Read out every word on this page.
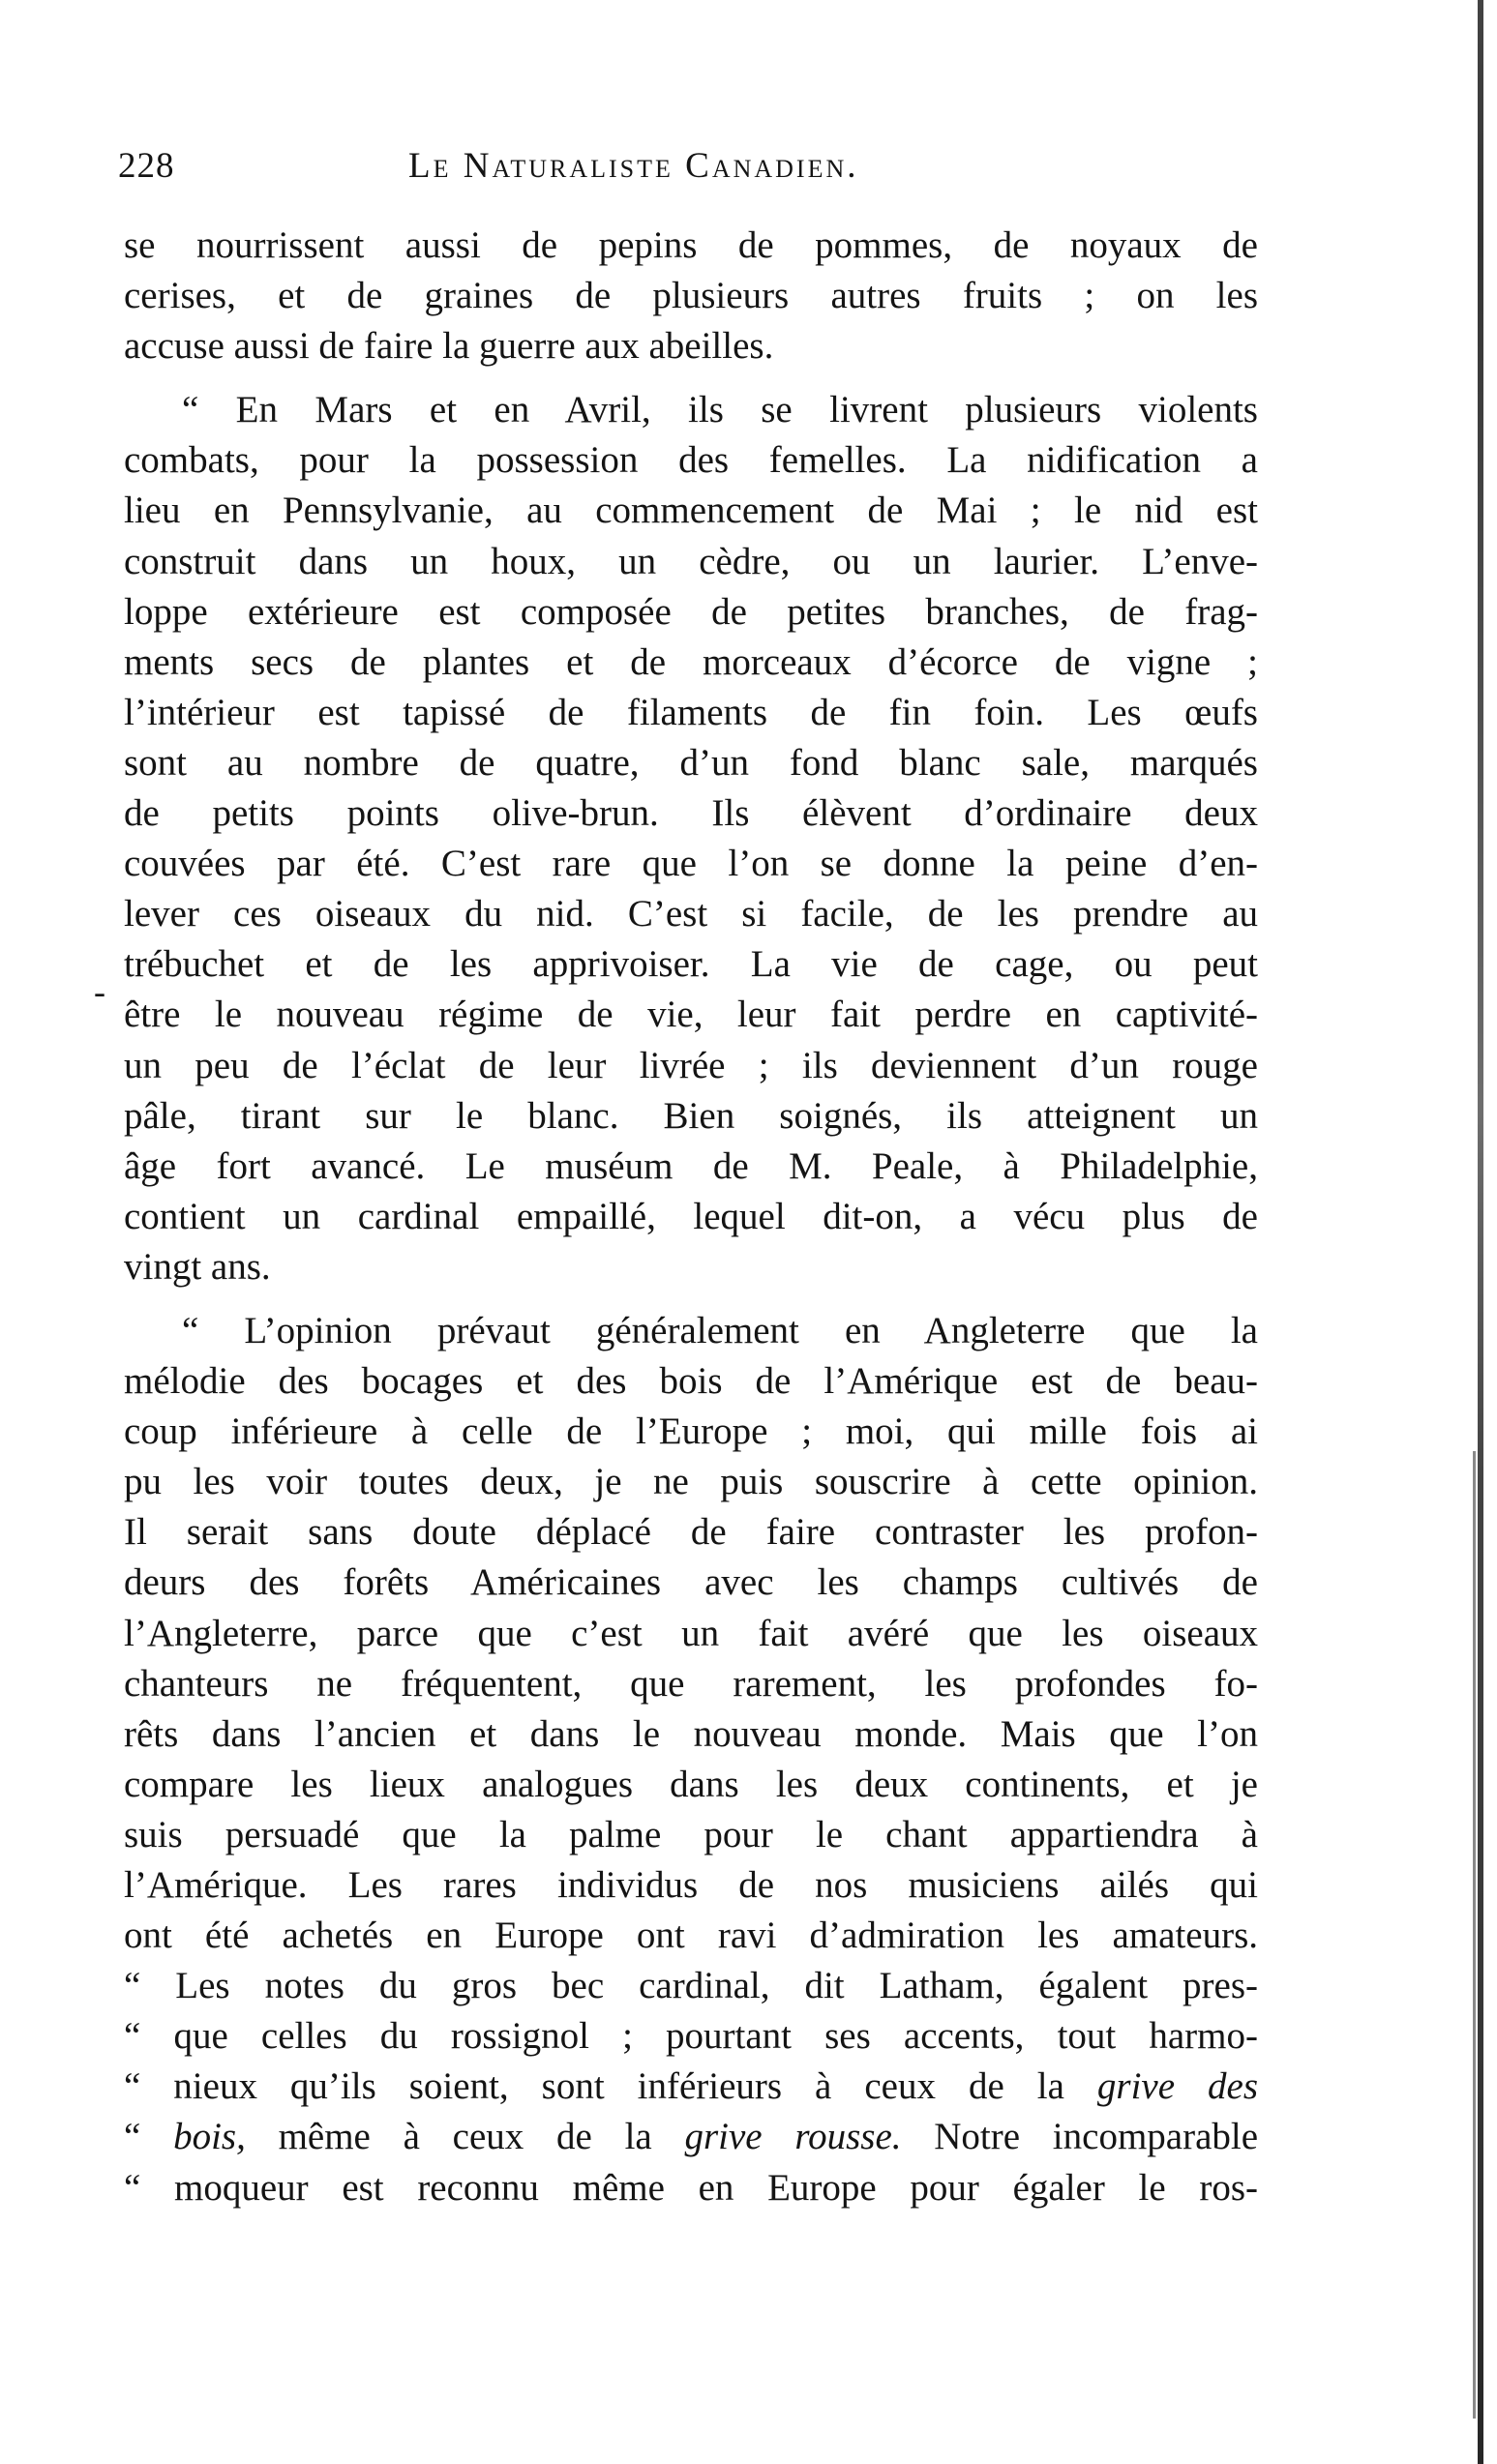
228	Le Naturaliste Canadien.
-
se nourrissent aussi de pepins de pommes, de noyaux de
cerises, et de graines de plusieurs autres fruits ; on les
accuse aussi de faire la guerre aux abeilles.
“ En Mars et en Avril, ils se livrent plusieurs violents
combats, pour la possession des femelles. La nidification a
lieu en Pennsylvanie, au commencement de Mai ; le nid est
construit dans un houx, un cèdre, ou un laurier. L’enve-
loppe extérieure est composée de petites branches, de frag-
ments secs de plantes et de morceaux d’écorce de vigne ;
l’intérieur est tapissé de filaments de fin foin. Les œufs
sont au nombre de quatre, d’un fond blanc sale, marqués
de petits points olive-brun. Ils élèvent d’ordinaire deux
couvées par été. C’est rare que l’on se donne la peine d’en-
lever ces oiseaux du nid. C’est si facile, de les prendre au
trébuchet et de les apprivoiser. La vie de cage, ou peut
être le nouveau régime de vie, leur fait perdre en captivité-
un peu de l’éclat de leur livrée ; ils deviennent d’un rouge
pâle, tirant sur le blanc. Bien soignés, ils atteignent un
âge fort avancé. Le muséum de M. Peale, à Philadelphie,
contient un cardinal empaillé, lequel dit-on, a vécu plus de
vingt ans.
“ L’opinion prévaut généralement en Angleterre que la
mélodie des bocages et des bois de l’Amérique est de beau-
coup inférieure à celle de l’Europe ; moi, qui mille fois ai
pu les voir toutes deux, je ne puis souscrire à cette opinion.
Il serait sans doute déplacé de faire contraster les profon-
deurs des forêts Américaines avec les champs cultivés de
l’Angleterre, parce que c’est un fait avéré que les oiseaux
chanteurs ne fréquentent, que rarement, les profondes fo-
rêts dans l’ancien et dans le nouveau monde. Mais que l’on
compare les lieux analogues dans les deux continents, et je
suis persuadé que la palme pour le chant appartiendra à
l’Amérique. Les rares individus de nos musiciens ailés qui
ont été achetés en Europe ont ravi d’admiration les amateurs.
“ Les notes du gros bec cardinal, dit Latham, égalent pres-
“ que celles du rossignol ; pourtant ses accents, tout harmo-
“ nieux qu’ils soient, sont inférieurs à ceux de la grive des
“ bois, même à ceux de la grive rousse. Notre incomparable
“ moqueur est reconnu même en Europe pour égaler le ros-
